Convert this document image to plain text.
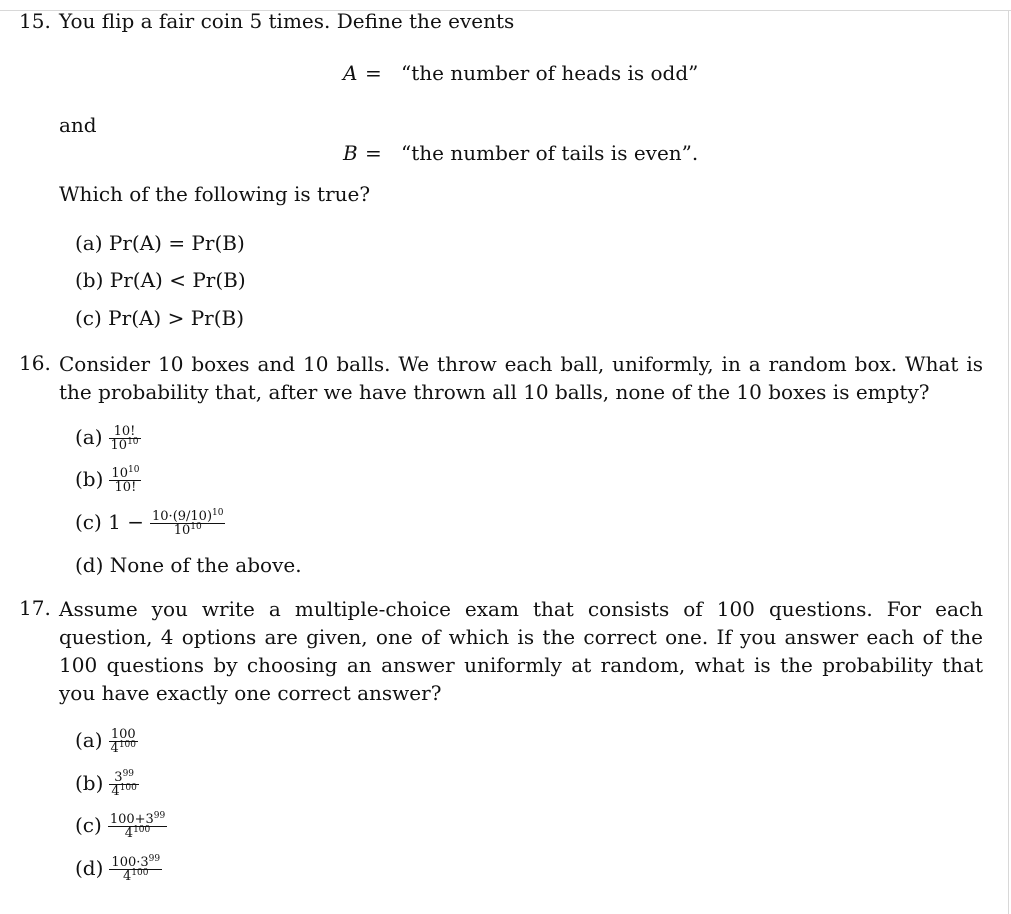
15. You flip a fair coin 5 times. Define the events
A = “the number of heads is odd”
and
B = “the number of tails is even”.
Which of the following is true?
(a) Pr(A) = Pr(B)
(b) Pr(A) < Pr(B)
(c) Pr(A) > Pr(B)
16. Consider 10 boxes and 10 balls. We throw each ball, uniformly, in a random box. What is the probability that, after we have thrown all 10 balls, none of the 10 boxes is empty?
$(a) \frac{10!}{10^{10}}$
$(b) \frac{10^{10}}{10!}$
(c) $1 - \frac{10\cdot(9/10)^{10}}{10^{10}}$
(d) None of the above.
17. Assume you write a multiple-choice exam that consists of 100 questions. For each question, 4 options are given, one of which is the correct one. If you answer each of the 100 questions by choosing an answer uniformly at random, what is the probability that you have exactly one correct answer?
$(a) \frac{100}{4^{100}}$
$(b) \frac{3^{99}}{4^{100}}$
$(c) \frac{100+3^{99}}{4^{100}}$
$(d) \frac{100\cdot 3^{99}}{4^{100}}$
